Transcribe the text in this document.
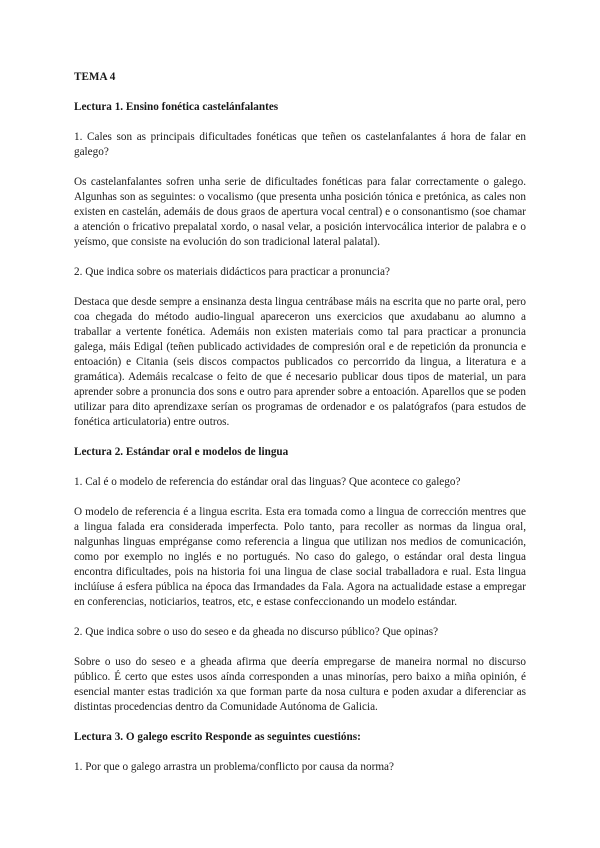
TEMA 4

Lectura 1. Ensino fonética castelánfalantes

1. Cales son as principais dificultades fonéticas que teñen os castelanfalantes á hora de falar en galego?

Os castelanfalantes sofren unha serie de dificultades fonéticas para falar correctamente o galego. Algunhas son as seguintes: o vocalismo (que presenta unha posición tónica e pretónica, as cales non existen en castelán, ademáis de dous graos de apertura vocal central) e o consonantismo (soe chamar a atención o fricativo prepalatal xordo, o nasal velar, a posición intervocálica interior de palabra e o yeísmo, que consiste na evolución do son tradicional lateral palatal).

2. Que indica sobre os materiais didácticos para practicar a pronuncia?

Destaca que desde sempre a ensinanza desta lingua centrábase máis na escrita que no parte oral, pero coa chegada do método audio-lingual apareceron uns exercicios que axudabanu ao alumno a traballar a vertente fonética. Ademáis non existen materiais como tal para practicar a pronuncia galega, máis Edigal (teñen publicado actividades de compresión oral e de repetición da pronuncia e entoación) e Citania (seis discos compactos publicados co percorrido da lingua, a literatura e a gramática). Ademáis recalcase o feito de que é necesario publicar dous tipos de material, un para aprender sobre a pronuncia dos sons e outro para aprender sobre a entoación. Aparellos que se poden utilizar para dito aprendizaxe serían os programas de ordenador e os palatógrafos (para estudos de fonética articulatoria) entre outros.

Lectura 2. Estándar oral e modelos de lingua

1. Cal é o modelo de referencia do estándar oral das linguas? Que acontece co galego?

O modelo de referencia é a lingua escrita. Esta era tomada como a lingua de corrección mentres que a lingua falada era considerada imperfecta. Polo tanto, para recoller as normas da lingua oral, nalgunhas linguas empréganse como referencia a lingua que utilizan nos medios de comunicación, como por exemplo no inglés e no portugués. No caso do galego, o estándar oral desta lingua encontra dificultades, pois na historia foi una lingua de clase social traballadora e rual. Esta lingua inclúíuse á esfera pública na época das Irmandades da Fala. Agora na actualidade estase a empregar en conferencias, noticiarios, teatros, etc, e estase confeccionando un modelo estándar.

2. Que indica sobre o uso do seseo e da gheada no discurso público? Que opinas?

Sobre o uso do seseo e a gheada afirma que deería empregarse de maneira normal no discurso público. É certo que estes usos aínda corresponden a unas minorías, pero baixo a miña opinión, é esencial manter estas tradición xa que forman parte da nosa cultura e poden axudar a diferenciar as distintas procedencias dentro da Comunidade Autónoma de Galicia.

Lectura 3. O galego escrito Responde as seguintes cuestións:

1. Por que o galego arrastra un problema/conflicto por causa da norma?
